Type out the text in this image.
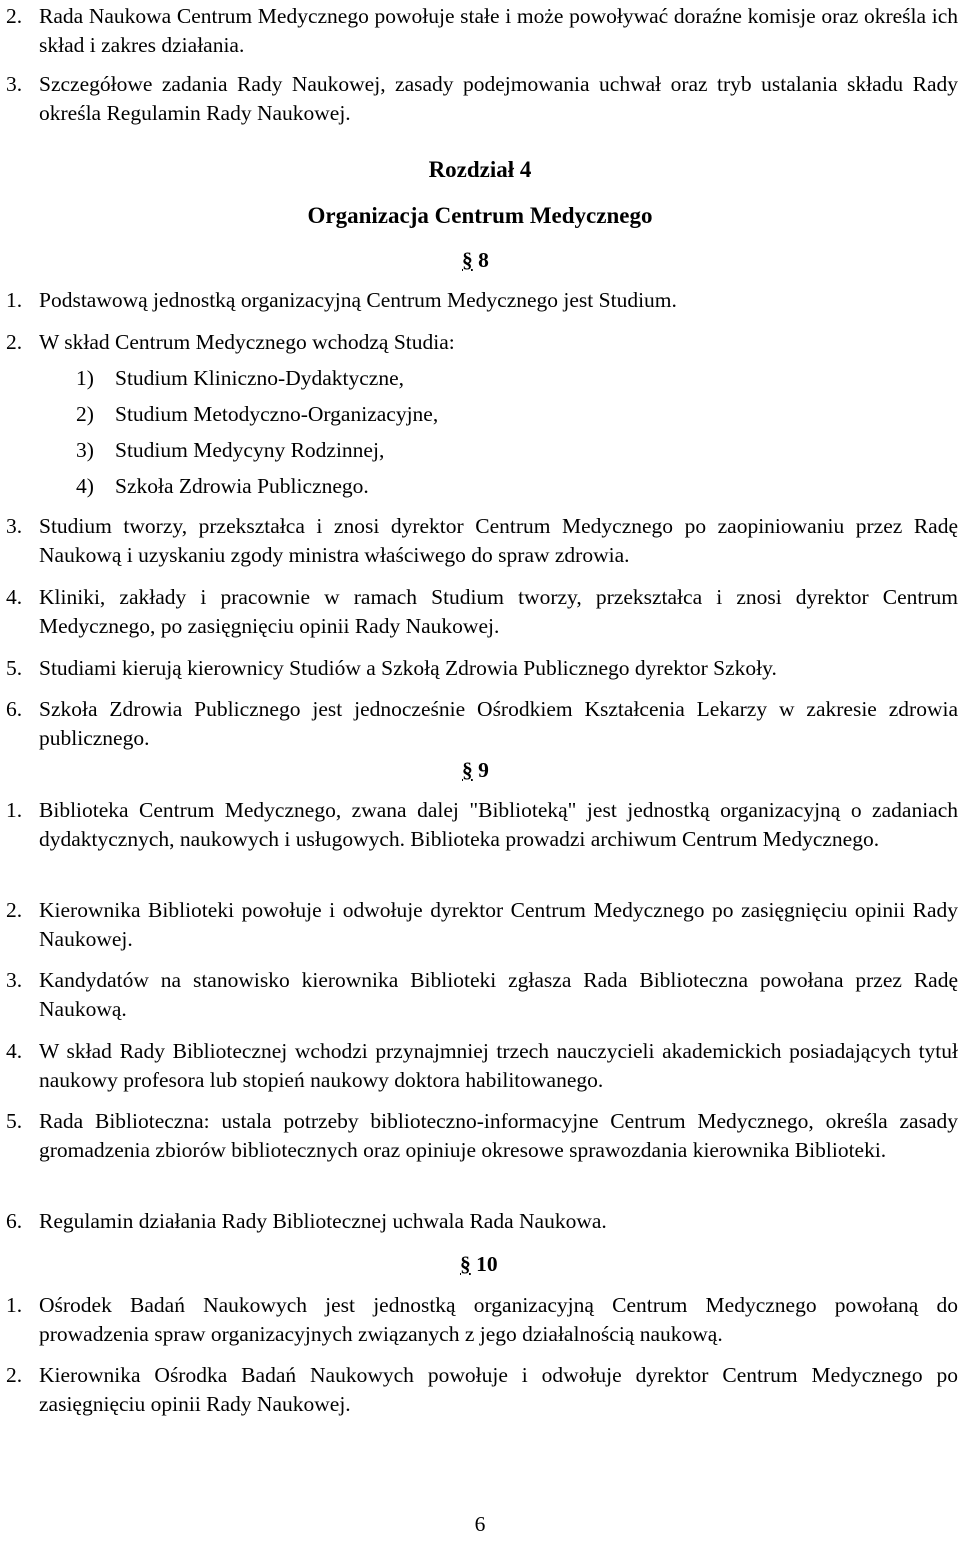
2. Rada Naukowa Centrum Medycznego powołuje stałe i może powoływać doraźne komisje oraz określa ich skład i zakres działania.
3. Szczegółowe zadania Rady Naukowej, zasady podejmowania uchwał oraz tryb ustalania składu Rady określa Regulamin Rady Naukowej.
Rozdział 4
Organizacja Centrum Medycznego
§ 8
1. Podstawową jednostką organizacyjną Centrum Medycznego jest Studium.
2. W skład Centrum Medycznego wchodzą Studia:
1) Studium Kliniczno-Dydaktyczne,
2) Studium Metodyczno-Organizacyjne,
3) Studium Medycyny Rodzinnej,
4) Szkoła Zdrowia Publicznego.
3. Studium tworzy, przekształca i znosi dyrektor Centrum Medycznego po zaopiniowaniu przez Radę Naukową i uzyskaniu zgody ministra właściwego do spraw zdrowia.
4. Kliniki, zakłady i pracownie w ramach Studium tworzy, przekształca i znosi dyrektor Centrum Medycznego, po zasięgnięciu opinii Rady Naukowej.
5. Studiami kierują kierownicy Studiów a Szkołą Zdrowia Publicznego dyrektor Szkoły.
6. Szkoła Zdrowia Publicznego jest jednocześnie Ośrodkiem Kształcenia Lekarzy w zakresie zdrowia publicznego.
§ 9
1. Biblioteka Centrum Medycznego, zwana dalej "Biblioteką" jest jednostką organizacyjną o zadaniach dydaktycznych, naukowych i usługowych. Biblioteka prowadzi archiwum Centrum Medycznego.
2. Kierownika Biblioteki powołuje i odwołuje dyrektor Centrum Medycznego po zasięgnięciu opinii Rady Naukowej.
3. Kandydatów na stanowisko kierownika Biblioteki zgłasza Rada Biblioteczna powołana przez Radę Naukową.
4. W skład Rady Bibliotecznej wchodzi przynajmniej trzech nauczycieli akademickich posiadających tytuł naukowy profesora lub stopień naukowy doktora habilitowanego.
5. Rada Biblioteczna: ustala potrzeby biblioteczno-informacyjne Centrum Medycznego, określa zasady gromadzenia zbiorów bibliotecznych oraz opiniuje okresowe sprawozdania kierownika Biblioteki.
6. Regulamin działania Rady Bibliotecznej uchwala Rada Naukowa.
§ 10
1. Ośrodek Badań Naukowych jest jednostką organizacyjną Centrum Medycznego powołaną do prowadzenia spraw organizacyjnych związanych z jego działalnością naukową.
2. Kierownika Ośrodka Badań Naukowych powołuje i odwołuje dyrektor Centrum Medycznego po zasięgnięciu opinii Rady Naukowej.
6
